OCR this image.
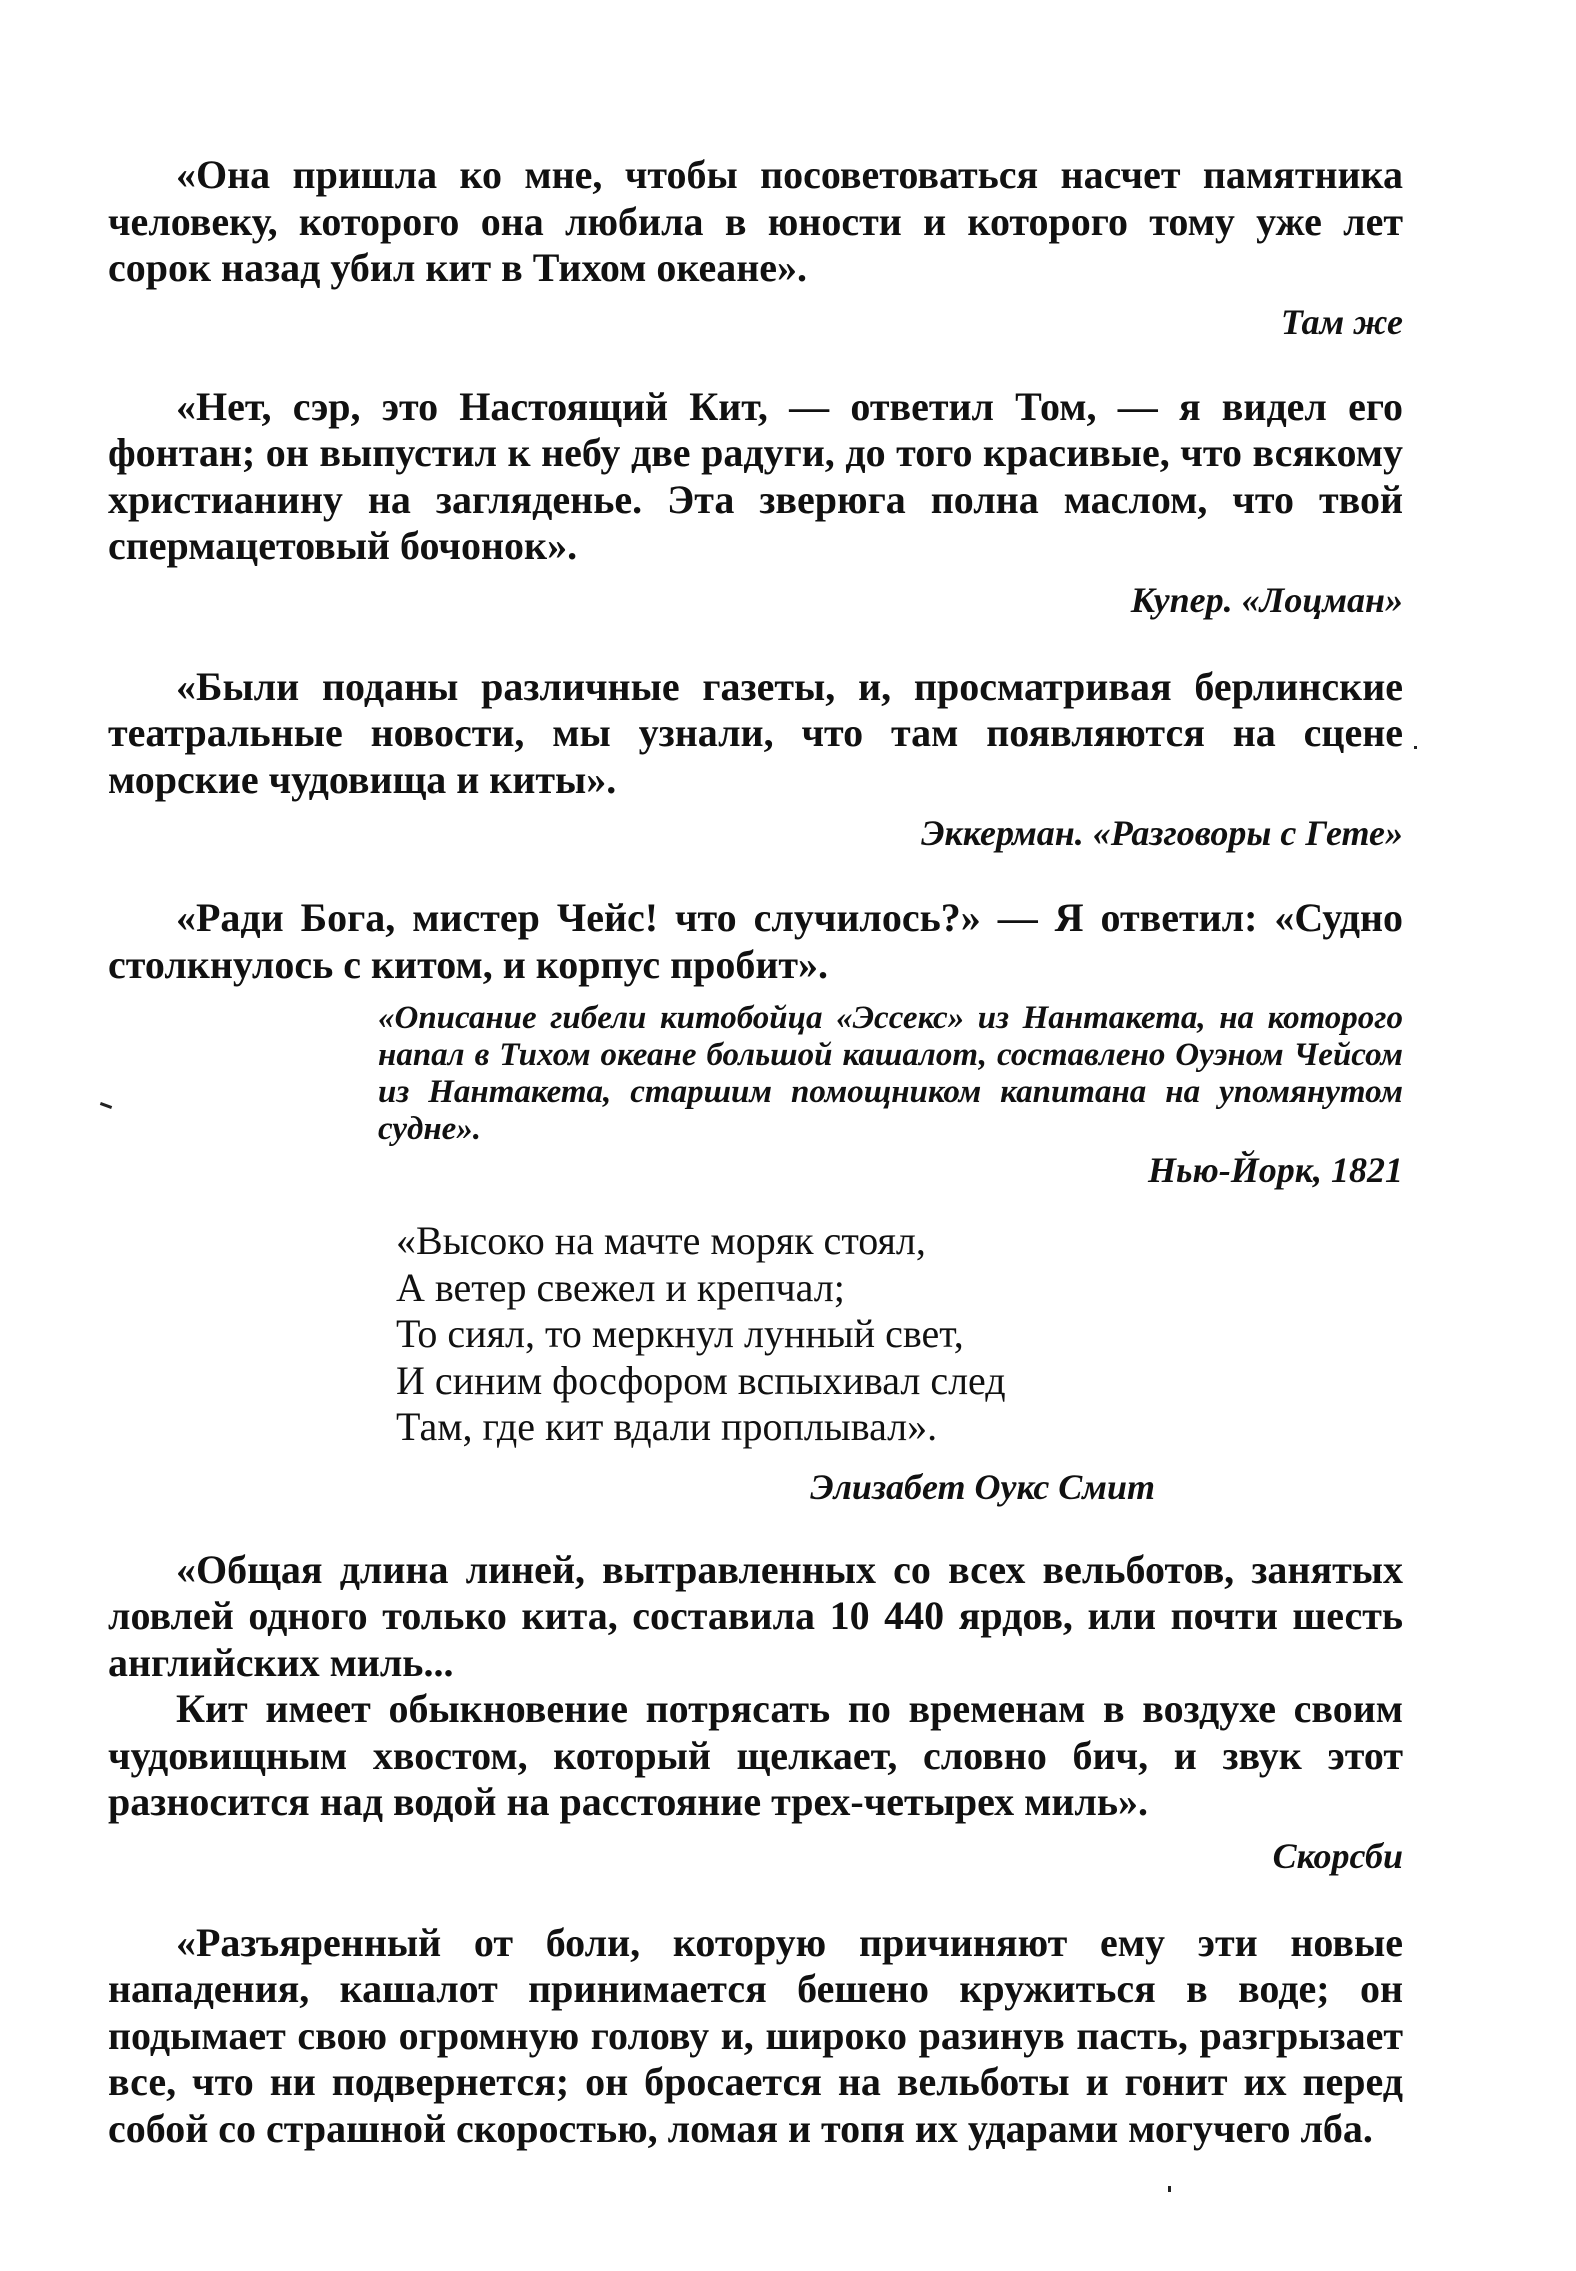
«Она пришла ко мне, чтобы посоветоваться насчет памятника человеку, которого она любила в юности и которого тому уже лет сорок назад убил кит в Тихом океане».

Там же

«Нет, сэр, это Настоящий Кит, — ответил Том, — я видел его фонтан; он выпустил к небу две радуги, до того красивые, что всякому христианину на загляденье. Эта зверюга полна маслом, что твой спермацетовый бочонок».

Купер. «Лоцман»

«Были поданы различные газеты, и, просматривая берлинские театральные новости, мы узнали, что там появляются на сцене морские чудовища и киты».

Эккерман. «Разговоры с Гете»

«Ради Бога, мистер Чейс! что случилось?» — Я ответил: «Судно столкнулось с китом, и корпус пробит».

«Описание гибели китобойца «Эссекс» из Нантакета, на которого напал в Тихом океане большой кашалот, составлено Оуэном Чейсом из Нантакета, старшим помощником капитана на упомянутом судне».

Нью-Йорк, 1821

«Высоко на мачте моряк стоял,
А ветер свежел и крепчал;
То сиял, то меркнул лунный свет,
И синим фосфором вспыхивал след
Там, где кит вдали проплывал».

Элизабет Оукс Смит

«Общая длина линей, вытравленных со всех вельботов, занятых ловлей одного только кита, составила 10 440 ярдов, или почти шесть английских миль...

Кит имеет обыкновение потрясать по временам в воздухе своим чудовищным хвостом, который щелкает, словно бич, и звук этот разносится над водой на расстояние трех-четырех миль».

Скорсби

«Разъяренный от боли, которую причиняют ему эти новые нападения, кашалот принимается бешено кружиться в воде; он подымает свою огромную голову и, широко разинув пасть, разгрызает все, что ни подвернется; он бросается на вельботы и гонит их перед собой со страшной скоростью, ломая и топя их ударами могучего лба.
